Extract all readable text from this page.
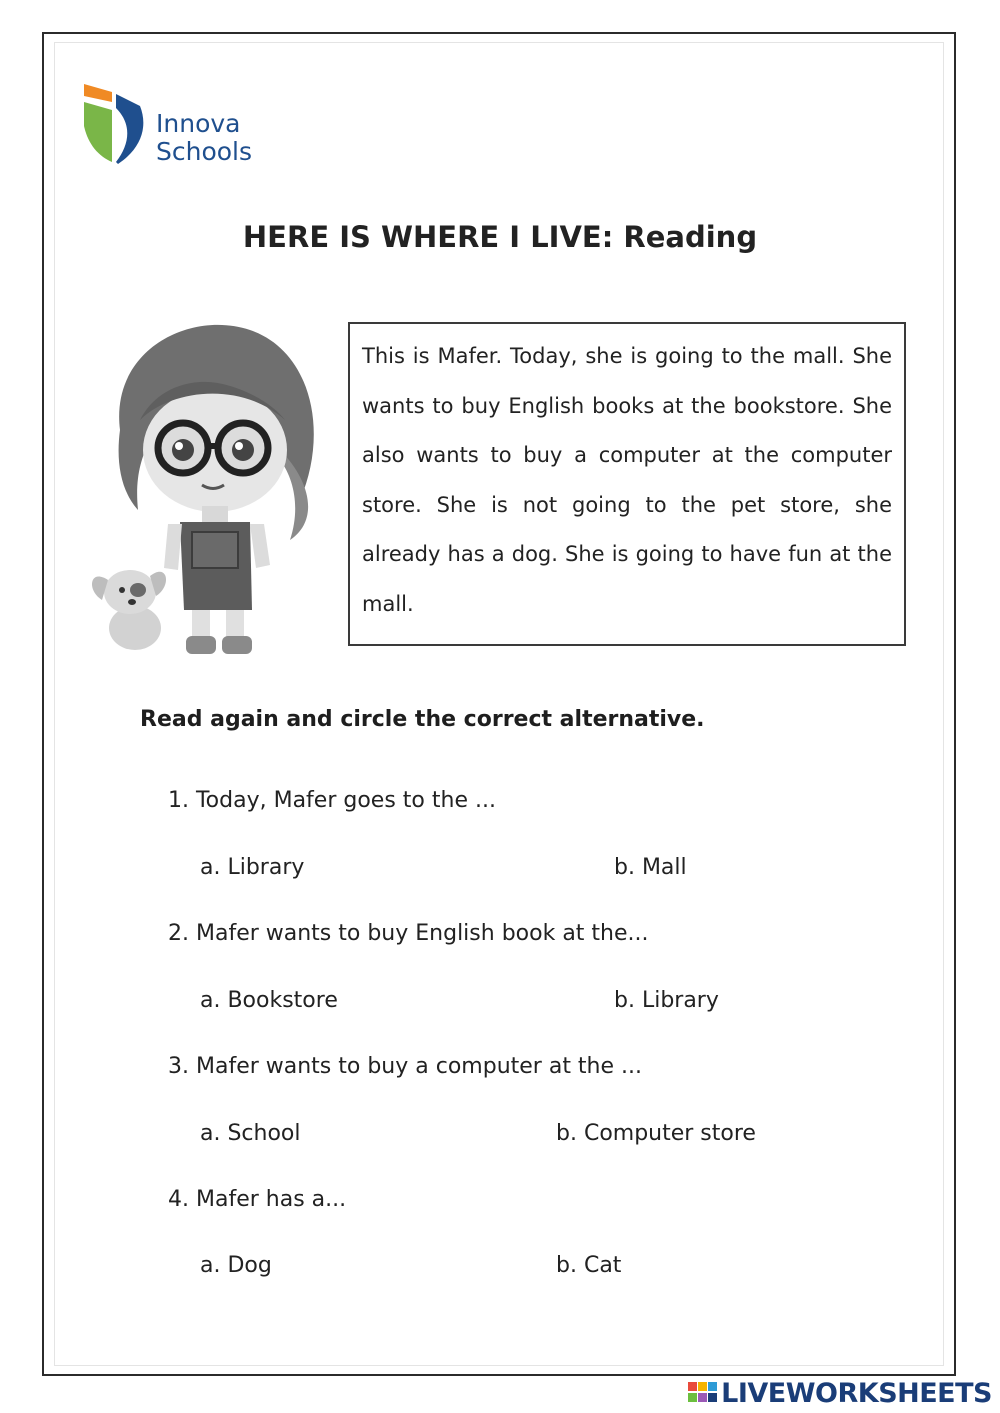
Innova
Schools
HERE IS WHERE I LIVE: Reading
This is Mafer. Today, she is going to the mall. She wants to buy English books at the bookstore. She also wants to buy a computer at the computer store. She is not going to the pet store, she already has a dog. She is going to have fun at the mall.
Read again and circle the correct alternative.
1. Today, Mafer goes to the ...
a. Library	b. Mall
2. Mafer wants to buy English book at the...
a. Bookstore	b. Library
3. Mafer wants to buy a computer at the ...
a. School	b. Computer store
4. Mafer has a...
a. Dog	b. Cat
LIVEWORKSHEETS
